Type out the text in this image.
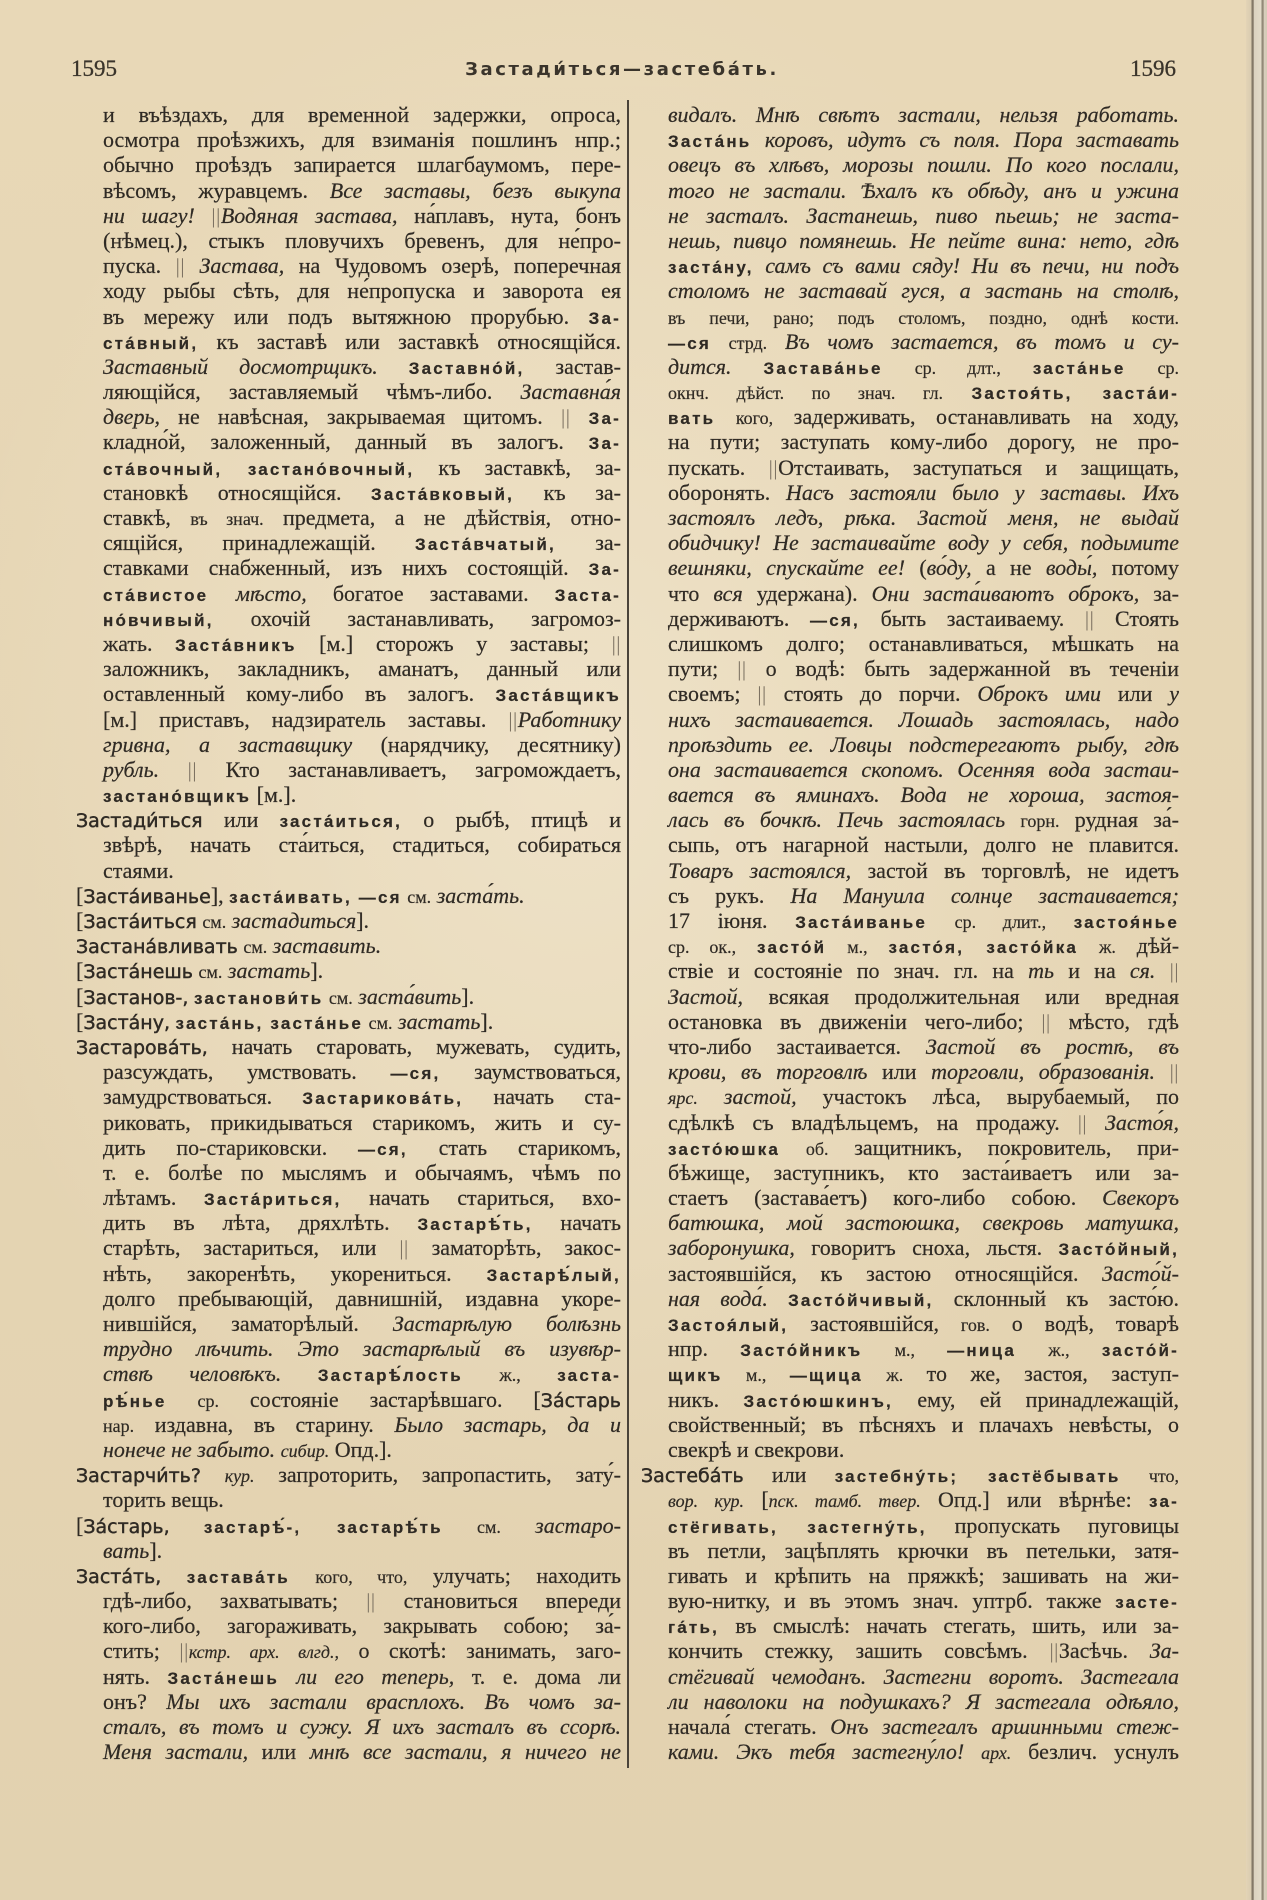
1595	Застади́ться—застеба́ть.	1596
и въѣздахъ, для временной задержки, опроса,
осмотра проѣзжихъ, для взиманія пошлинъ нпр.;
обычно проѣздъ запирается шлагбаумомъ, пере-
вѣсомъ, журавцемъ. Все заставы, безъ выкупа
ни шагу! ||Водяная застава, на́плавъ, нута, бонъ
(нѣмец.), стыкъ пловучихъ бревенъ, для не́про-
пуска. || Застава, на Чудовомъ озерѣ, поперечная
ходу рыбы сѣть, для не́пропуска и заворота ея
въ мережу или подъ вытяжною прорубью. За-
ста́вный, къ заставѣ или заставкѣ относящійся.
Заставный досмотрщикъ. Заставно́й, застав-
ляющійся, заставляемый чѣмъ-либо. Заставна́я
дверь, не навѣсная, закрываемая щитомъ. || За-
кладно́й, заложенный, данный въ залогъ. За-
ста́вочный, застано́вочный, къ заставкѣ, за-
становкѣ относящійся. Заста́вковый, къ за-
ставкѣ, въ знач. предмета, а не дѣйствія, отно-
сящійся, принадлежащій. Заста́вчатый, за-
ставками снабженный, изъ нихъ состоящій. За-
ста́вистое мѣсто, богатое заставами. Заста-
но́вчивый, охочій застанавливать, загромоз-
жать. Заста́вникъ [м.] сторожъ у заставы; ||
заложникъ, закладникъ, аманатъ, данный или
оставленный кому-либо въ залогъ. Заста́вщикъ
[м.] приставъ, надзиратель заставы. ||Работнику
гривна, а заставщику (нарядчику, десятнику)
рубль. || Кто застанавливаетъ, загромождаетъ,
застано́вщикъ [м.].
Застади́ться или заста́иться, о рыбѣ, птицѣ и
звѣрѣ, начать ста́иться, стадиться, собираться
стаями.
[Заста́иванье], заста́ивать, —ся см. заста́ть.
[Заста́иться см. застадиться].
Застана́вливать см. заставить.
[Заста́нешь см. застать].
[Застанов-, застанови́ть см. заста́вить].
[Заста́ну, заста́нь, заста́нье см. застать].
Застарова́ть, начать старовать, мужевать, судить,
разсуждать, умствовать. —ся, заумствоваться,
замудрствоваться. Застарикова́ть, начать ста-
риковать, прикидываться старикомъ, жить и су-
дить по-стариковски. —ся, стать старикомъ,
т. е. болѣе по мыслямъ и обычаямъ, чѣмъ по
лѣтамъ. Заста́риться, начать стариться, вхо-
дить въ лѣта, дряхлѣть. Застарѣ́ть, начать
старѣть, застариться, или || заматорѣть, закос-
нѣть, закоренѣть, укорениться. Застарѣ́лый,
долго пребывающій, давнишній, издавна укоре-
нившійся, заматорѣлый. Застарѣлую болѣзнь
трудно лѣчить. Это застарѣлый въ изувѣр-
ствѣ человѣкъ. Застарѣ́лость ж., заста-
рѣ́нье ср. состояніе застарѣвшаго. [За́старь
нар. издавна, въ старину. Было застарь, да и
нонече не забыто. сибир. Опд.].
Застарчи́ть? кур. запроторить, запропастить, зату́-
торить вещь.
[За́старь, застарѣ́-, застарѣ́ть см. застаро-
вать].
Заста́ть, застава́ть кого, что, улучать; находить
гдѣ-либо, захватывать; || становиться впереди
кого-либо, загораживать, закрывать собою; за́-
стить; ||кстр. арх. влгд., о скотѣ: занимать, заго-
нять. Заста́нешь ли его теперь, т. е. дома ли
онъ? Мы ихъ застали врасплохъ. Въ чомъ за-
сталъ, въ томъ и сужу. Я ихъ засталъ въ ссорѣ.
Меня застали, или мнѣ все застали, я ничего не
видалъ. Мнѣ свѣтъ застали, нельзя работать.
Заста́нь коровъ, идутъ съ поля. Пора заставать
овецъ въ хлѣвъ, морозы пошли. По кого послали,
того не застали. Ѣхалъ къ обѣду, анъ и ужина
не засталъ. Застанешь, пиво пьешь; не заста-
нешь, пивцо помянешь. Не пейте вина: нето, гдѣ
заста́ну, самъ съ вами сяду! Ни въ печи, ни подъ
столомъ не заставай гуся, а застань на столѣ,
въ печи, рано; подъ столомъ, поздно, однѣ кости.
—ся стрд. Въ чомъ застается, въ томъ и су-
дится. Застава́нье ср. длт., заста́нье ср.
окнч. дѣйст. по знач. гл. Застоя́ть, заста́и-
вать кого, задерживать, останавливать на ходу,
на пути; заступать кому-либо дорогу, не про-
пускать. ||Отстаивать, заступаться и защищать,
оборонять. Насъ застояли было у заставы. Ихъ
застоялъ ледъ, рѣка. Застой меня, не выдай
обидчику! Не застаивайте воду у себя, подымите
вешняки, спускайте ее! (во́ду, а не воды́, потому
что вся удержана). Они заста́иваютъ оброкъ, за-
держиваютъ. —ся, быть застаиваему. || Стоять
слишкомъ долго; останавливаться, мѣшкать на
пути; || о водѣ: быть задержанной въ теченіи
своемъ; || стоять до порчи. Оброкъ ими или у
нихъ застаивается. Лошадь застоялась, надо
проѣздить ее. Ловцы подстерегаютъ рыбу, гдѣ
она застаивается скопомъ. Осенняя вода застаи-
вается въ яминахъ. Вода не хороша, застоя-
лась въ бочкѣ. Печь застоялась горн. рудная за́-
сыпь, отъ нагарной настыли, долго не плавится.
Товаръ застоялся, застой въ торговлѣ, не идетъ
съ рукъ. На Мануила солнце застаивается;
17 іюня. Заста́иванье ср. длит., застоя́нье
ср. ок., засто́й м., засто́я, засто́йка ж. дѣй-
ствіе и состояніе по знач. гл. на ть и на ся. ||
Застой, всякая продолжительная или вредная
остановка въ движеніи чего-либо; || мѣсто, гдѣ
что-либо застаивается. Застой въ ростѣ, въ
крови, въ торговлѣ или торговли, образованія. ||
ярс. застой, участокъ лѣса, вырубаемый, по
сдѣлкѣ съ владѣльцемъ, на продажу. || Засто́я,
засто́юшка об. защитникъ, покровитель, при-
бѣжище, заступникъ, кто заста́иваетъ или за-
стаетъ (застава́етъ) кого-либо собою. Свекоръ
батюшка, мой застоюшка, свекровь матушка,
заборонушка, говоритъ сноха, льстя. Засто́йный,
застоявшійся, къ застою относящійся. Засто́й-
ная вода́. Засто́йчивый, склонный къ засто́ю.
Застоя́лый, застоявшійся, гов. о водѣ, товарѣ
нпр. Засто́йникъ м., —ница ж., засто́й-
щикъ м., —щица ж. то же, застоя, заступ-
никъ. Засто́юшкинъ, ему, ей принадлежащій,
свойственный; въ пѣсняхъ и плачахъ невѣсты, о
свекрѣ и свекрови.
Застеба́ть или застебну́ть; застёбывать что,
вор. кур. [пск. тамб. твер. Опд.] или вѣрнѣе: за-
стёгивать, застегну́ть, пропускать пуговицы
въ петли, зацѣплять крючки въ петельки, затя-
гивать и крѣпить на пряжкѣ; зашивать на жи-
вую-нитку, и въ этомъ знач. уптрб. также засте-
га́ть, въ смыслѣ: начать стегать, шить, или за-
кончить стежку, зашить совсѣмъ. ||Засѣчь. За-
стёгивай чемоданъ. Застегни воротъ. Застегала
ли наволоки на подушкахъ? Я застегала одѣяло,
начала́ стегать. Онъ застегалъ аршинными стеж-
ками. Экъ тебя застегну́ло! арх. безлич. уснулъ
